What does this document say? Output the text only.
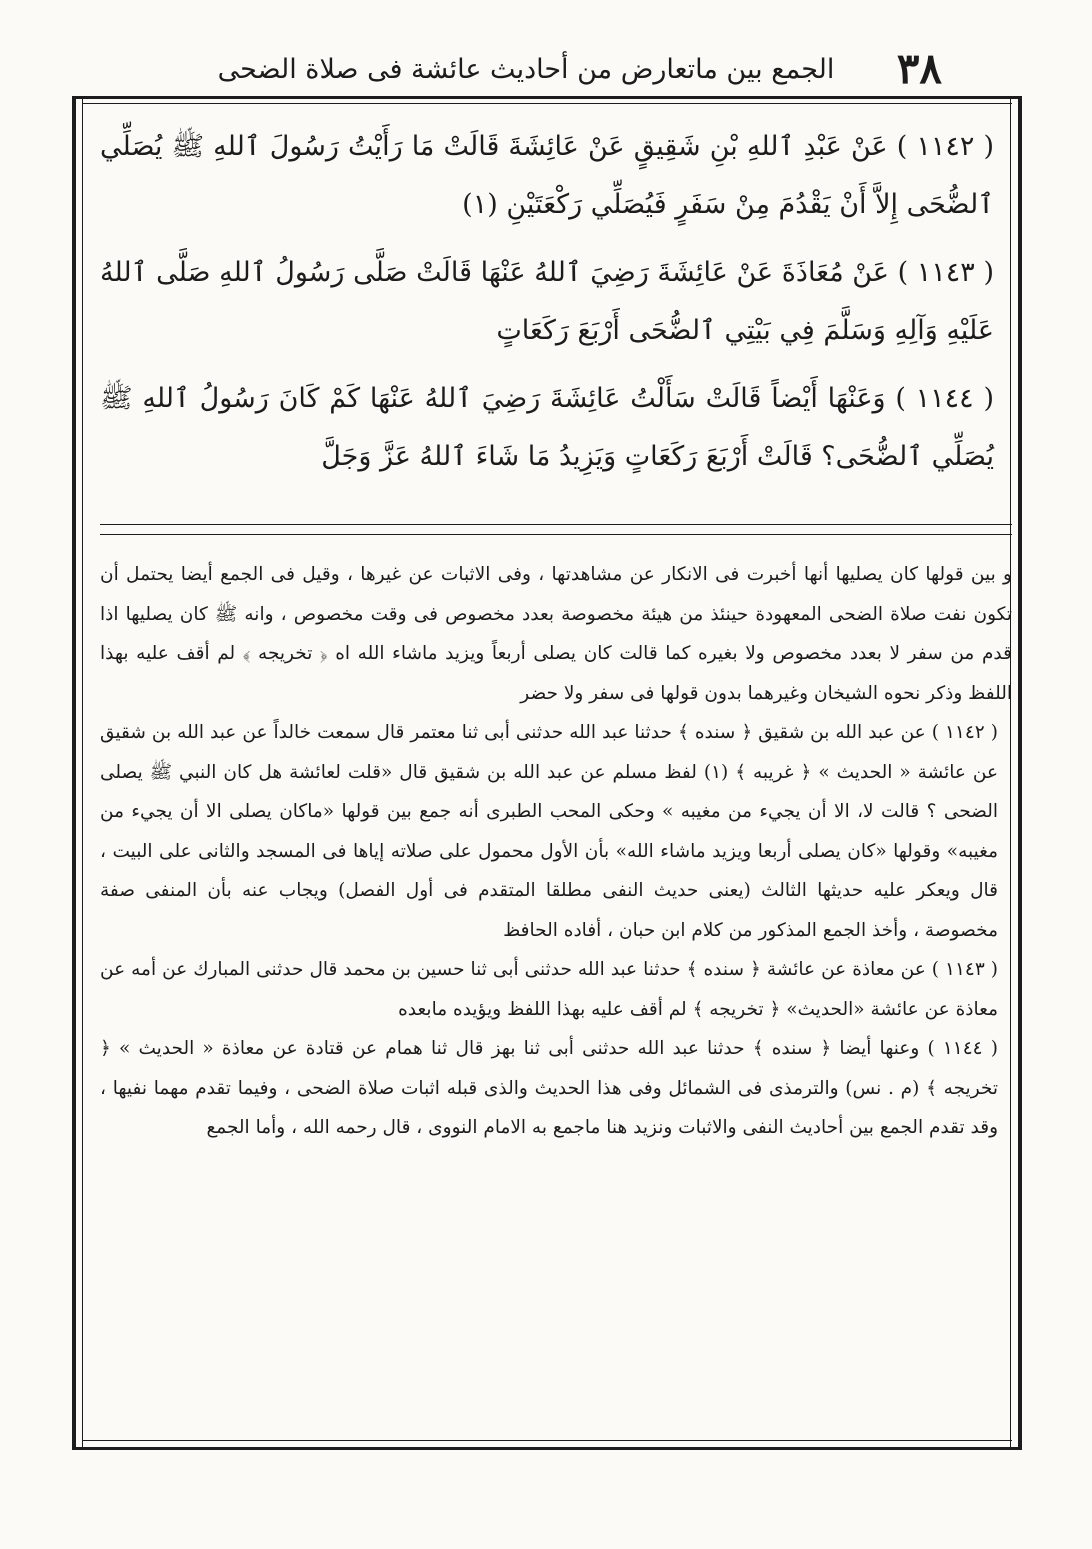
٣٨
الجمع بين ماتعارض من أحاديث عائشة فى صلاة الضحى

( ١١٤٢ ) عَنْ عَبْدِ ٱللهِ بْنِ شَقِيقٍ عَنْ عَائِشَةَ قَالَتْ مَا رَأَيْتُ رَسُولَ ٱللهِ ﷺ يُصَلِّي ٱلضُّحَى إِلاَّ أَنْ يَقْدُمَ مِنْ سَفَرٍ فَيُصَلِّي رَكْعَتَيْنِ (١)

( ١١٤٣ ) عَنْ مُعَاذَةَ عَنْ عَائِشَةَ رَضِيَ ٱللهُ عَنْهَا قَالَتْ صَلَّى رَسُولُ ٱللهِ صَلَّى ٱللهُ عَلَيْهِ وَآلِهِ وَسَلَّمَ فِي بَيْتِي ٱلضُّحَى أَرْبَعَ رَكَعَاتٍ

( ١١٤٤ ) وَعَنْهَا أَيْضاً قَالَتْ سَأَلْتُ عَائِشَةَ رَضِيَ ٱللهُ عَنْهَا كَمْ كَانَ رَسُولُ ٱللهِ ﷺ يُصَلِّي ٱلضُّحَى؟ قَالَتْ أَرْبَعَ رَكَعَاتٍ وَيَزِيدُ مَا شَاءَ ٱللهُ عَزَّ وَجَلَّ

و بين قولها كان يصليها أنها أخبرت فى الانكار عن مشاهدتها ، وفى الاثبات عن غيرها ، وقيل فى الجمع أيضا يحتمل أن تكون نفت صلاة الضحى المعهودة حينئذ من هيئة مخصوصة بعدد مخصوص فى وقت مخصوص ، وانه ﷺ كان يصليها اذا قدم من سفر لا بعدد مخصوص ولا بغيره كما قالت كان يصلى أربعاً ويزيد ماشاء الله اه ﴿ تخريجه ﴾ لم أقف عليه بهذا اللفظ وذكر نحوه الشيخان وغيرهما بدون قولها فى سفر ولا حضر

( ١١٤٢ ) عن عبد الله بن شقيق ﴿ سنده ﴾ حدثنا عبد الله حدثنى أبى ثنا معتمر قال سمعت خالداً عن عبد الله بن شقيق عن عائشة « الحديث » ﴿ غريبه ﴾ (١) لفظ مسلم عن عبد الله بن شقيق قال «قلت لعائشة هل كان النبي ﷺ يصلى الضحى ؟ قالت لا، الا أن يجيء من مغيبه » وحكى المحب الطبرى أنه جمع بين قولها «ماكان يصلى الا أن يجيء من مغيبه» وقولها «كان يصلى أربعا ويزيد ماشاء الله» بأن الأول محمول على صلاته إياها فى المسجد والثانى على البيت ، قال ويعكر عليه حديثها الثالث (يعنى حديث النفى مطلقا المتقدم فى أول الفصل) ويجاب عنه بأن المنفى صفة مخصوصة ، وأخذ الجمع المذكور من كلام ابن حبان ، أفاده الحافظ

( ١١٤٣ ) عن معاذة عن عائشة ﴿ سنده ﴾ حدثنا عبد الله حدثنى أبى ثنا حسين بن محمد قال حدثنى المبارك عن أمه عن معاذة عن عائشة «الحديث» ﴿ تخريجه ﴾ لم أقف عليه بهذا اللفظ ويؤيده مابعده

( ١١٤٤ ) وعنها أيضا ﴿ سنده ﴾ حدثنا عبد الله حدثنى أبى ثنا بهز قال ثنا همام عن قتادة عن معاذة « الحديث » ﴿ تخريجه ﴾ (م . نس) والترمذى فى الشمائل وفى هذا الحديث والذى قبله اثبات صلاة الضحى ، وفيما تقدم مهما نفيها ، وقد تقدم الجمع بين أحاديث النفى والاثبات ونزيد هنا ماجمع به الامام النووى ، قال رحمه الله ، وأما الجمع
